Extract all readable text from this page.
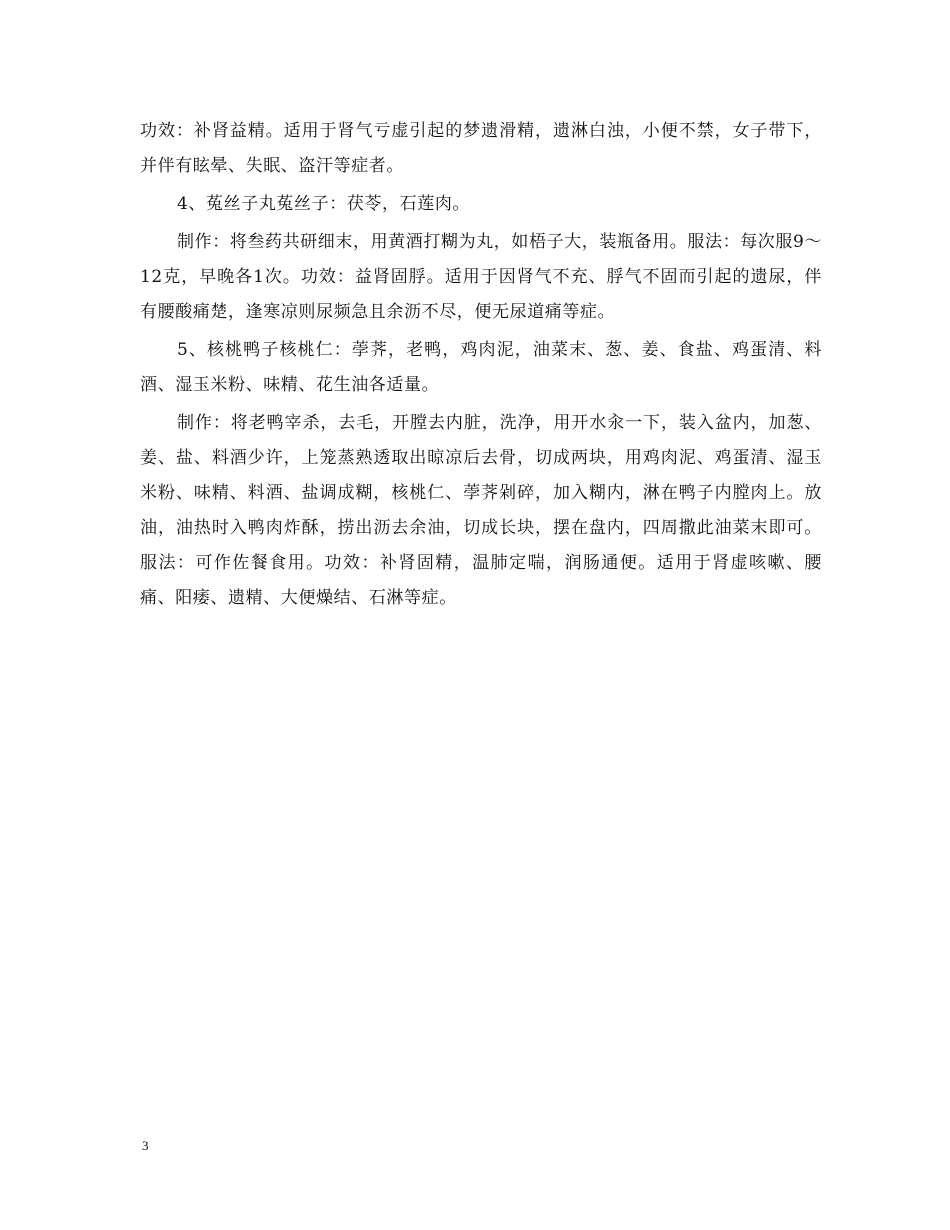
功效：补肾益精。适用于肾气亏虚引起的梦遗滑精，遗淋白浊，小便不禁，女子带下，并伴有眩晕、失眠、盗汗等症者。

4、菟丝子丸菟丝子：茯苓，石莲肉。

制作：将叁药共研细末，用黄酒打糊为丸，如梧子大，装瓶备用。服法：每次服9～12克，早晚各1次。功效：益肾固脬。适用于因肾气不充、脬气不固而引起的遗尿，伴有腰酸痛楚，逢寒凉则尿频急且余沥不尽，便无尿道痛等症。

5、核桃鸭子核桃仁：荸荠，老鸭，鸡肉泥，油菜末、葱、姜、食盐、鸡蛋清、料酒、湿玉米粉、味精、花生油各适量。

制作：将老鸭宰杀，去毛，开膛去内脏，洗净，用开水汆一下，装入盆内，加葱、姜、盐、料酒少许，上笼蒸熟透取出晾凉后去骨，切成两块，用鸡肉泥、鸡蛋清、湿玉米粉、味精、料酒、盐调成糊，核桃仁、荸荠剁碎，加入糊内，淋在鸭子内膛肉上。放油，油热时入鸭肉炸酥，捞出沥去余油，切成长块，摆在盘内，四周撒此油菜末即可。服法：可作佐餐食用。功效：补肾固精，温肺定喘，润肠通便。适用于肾虚咳嗽、腰痛、阳痿、遗精、大便燥结、石淋等症。

3
